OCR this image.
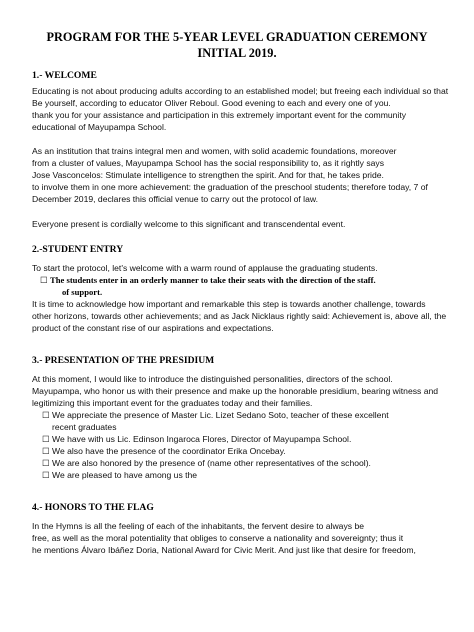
PROGRAM FOR THE 5-YEAR LEVEL GRADUATION CEREMONY
INITIAL 2019.
1.- WELCOME
Educating is not about producing adults according to an established model; but freeing each individual so that
Be yourself, according to educator Oliver Reboul. Good evening to each and every one of you.
thank you for your assistance and participation in this extremely important event for the community
educational of Mayupampa School.
As an institution that trains integral men and women, with solid academic foundations, moreover
from a cluster of values, Mayupampa School has the social responsibility to, as it rightly says
Jose Vasconcelos: Stimulate intelligence to strengthen the spirit. And for that, he takes pride.
to involve them in one more achievement: the graduation of the preschool students; therefore today, 7 of
December 2019, declares this official venue to carry out the protocol of law.
Everyone present is cordially welcome to this significant and transcendental event.
2.-STUDENT ENTRY
To start the protocol, let's welcome with a warm round of applause the graduating students.
☐ The students enter in an orderly manner to take their seats with the direction of the staff.
of support.
It is time to acknowledge how important and remarkable this step is towards another challenge, towards
other horizons, towards other achievements; and as Jack Nicklaus rightly said: Achievement is, above all, the
product of the constant rise of our aspirations and expectations.
3.- PRESENTATION OF THE PRESIDIUM
At this moment, I would like to introduce the distinguished personalities, directors of the school.
Mayupampa, who honor us with their presence and make up the honorable presidium, bearing witness and
legitimizing this important event for the graduates today and their families.
☐ We appreciate the presence of Master Lic. Lizet Sedano Soto, teacher of these excellent
recent graduates
☐ We have with us Lic. Edinson Ingaroca Flores, Director of Mayupampa School.
☐ We also have the presence of the coordinator Erika Oncebay.
☐ We are also honored by the presence of (name other representatives of the school).
☐ We are pleased to have among us the
4.- HONORS TO THE FLAG
In the Hymns is all the feeling of each of the inhabitants, the fervent desire to always be
free, as well as the moral potentiality that obliges to conserve a nationality and sovereignty; thus it
he mentions Álvaro Ibáñez Doria, National Award for Civic Merit. And just like that desire for freedom,
